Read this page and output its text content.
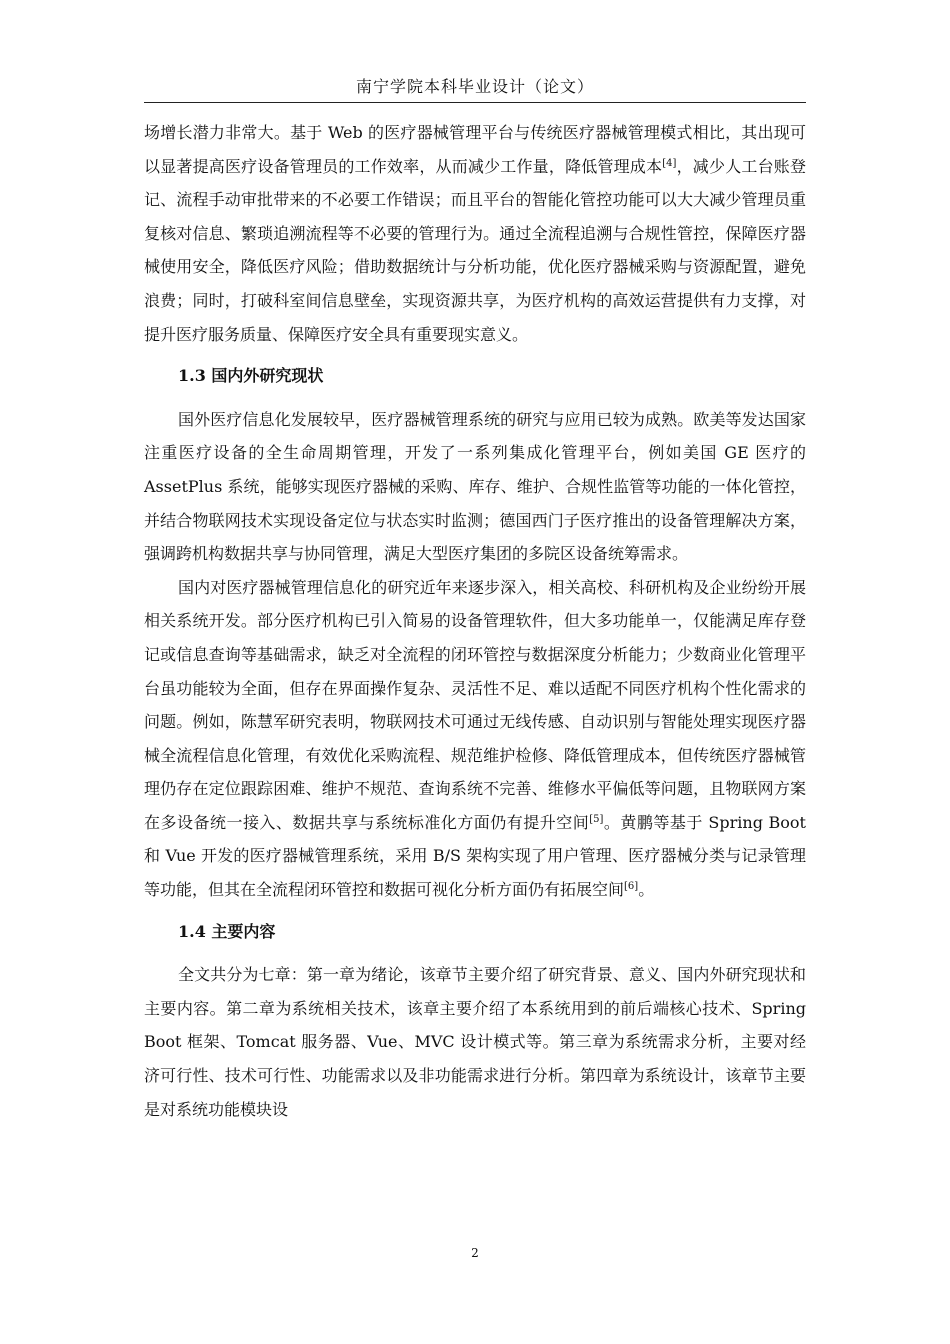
南宁学院本科毕业设计（论文）
场增长潜力非常大。基于 Web 的医疗器械管理平台与传统医疗器械管理模式相比，其出现可以显著提高医疗设备管理员的工作效率，从而减少工作量，降低管理成本[4]，减少人工台账登记、流程手动审批带来的不必要工作错误；而且平台的智能化管控功能可以大大减少管理员重复核对信息、繁琐追溯流程等不必要的管理行为。通过全流程追溯与合规性管控，保障医疗器械使用安全，降低医疗风险；借助数据统计与分析功能，优化医疗器械采购与资源配置，避免浪费；同时，打破科室间信息壁垒，实现资源共享，为医疗机构的高效运营提供有力支撑，对提升医疗服务质量、保障医疗安全具有重要现实意义。
1.3 国内外研究现状
国外医疗信息化发展较早，医疗器械管理系统的研究与应用已较为成熟。欧美等发达国家注重医疗设备的全生命周期管理，开发了一系列集成化管理平台，例如美国 GE 医疗的 AssetPlus 系统，能够实现医疗器械的采购、库存、维护、合规性监管等功能的一体化管控，并结合物联网技术实现设备定位与状态实时监测；德国西门子医疗推出的设备管理解决方案，强调跨机构数据共享与协同管理，满足大型医疗集团的多院区设备统筹需求。
国内对医疗器械管理信息化的研究近年来逐步深入，相关高校、科研机构及企业纷纷开展相关系统开发。部分医疗机构已引入简易的设备管理软件，但大多功能单一，仅能满足库存登记或信息查询等基础需求，缺乏对全流程的闭环管控与数据深度分析能力；少数商业化管理平台虽功能较为全面，但存在界面操作复杂、灵活性不足、难以适配不同医疗机构个性化需求的问题。例如，陈慧军研究表明，物联网技术可通过无线传感、自动识别与智能处理实现医疗器械全流程信息化管理，有效优化采购流程、规范维护检修、降低管理成本，但传统医疗器械管理仍存在定位跟踪困难、维护不规范、查询系统不完善、维修水平偏低等问题，且物联网方案在多设备统一接入、数据共享与系统标准化方面仍有提升空间[5]。黄鹏等基于 Spring Boot 和 Vue 开发的医疗器械管理系统，采用 B/S 架构实现了用户管理、医疗器械分类与记录管理等功能，但其在全流程闭环管控和数据可视化分析方面仍有拓展空间[6]。
1.4 主要内容
全文共分为七章：第一章为绪论，该章节主要介绍了研究背景、意义、国内外研究现状和主要内容。第二章为系统相关技术，该章主要介绍了本系统用到的前后端核心技术、Spring Boot 框架、Tomcat 服务器、Vue、MVC 设计模式等。第三章为系统需求分析，主要对经济可行性、技术可行性、功能需求以及非功能需求进行分析。第四章为系统设计，该章节主要是对系统功能模块设
2
